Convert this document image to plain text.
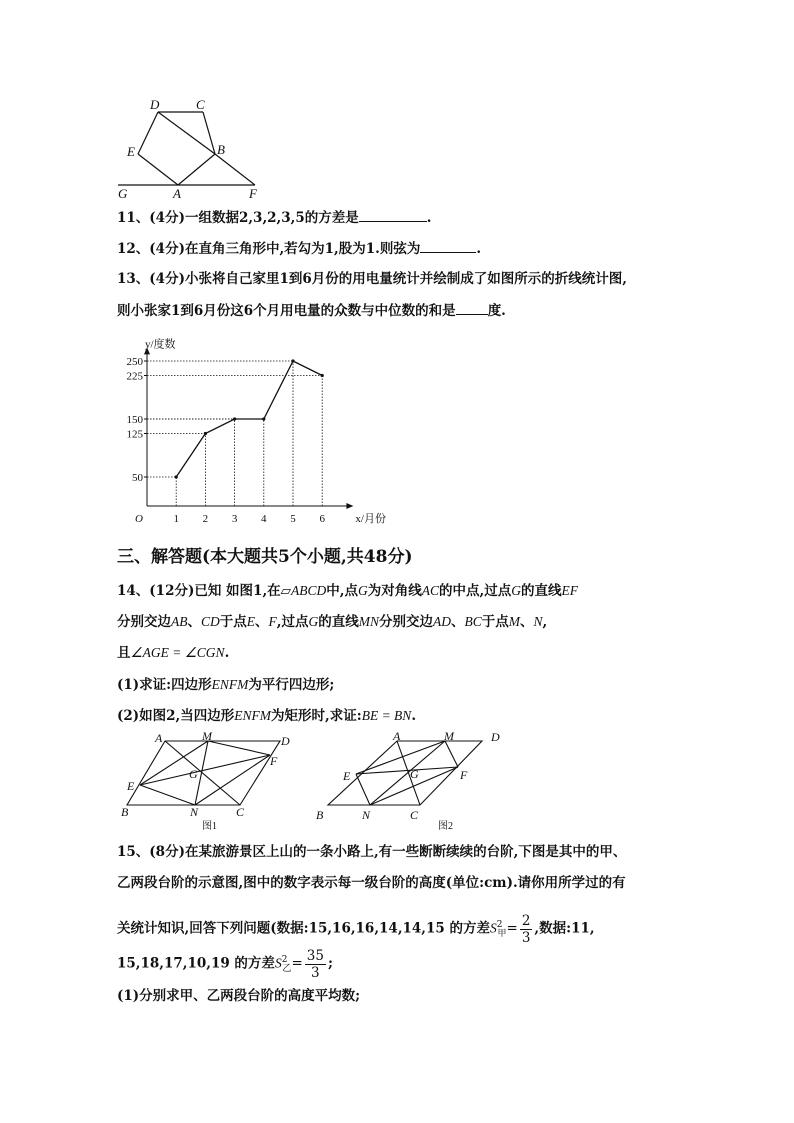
D	C
E	B
G	A	F
11、(4分)一组数据2,3,2,3,5的方差是	.
12、(4分)在直角三角形中,若勾为1,股为1.则弦为	.
13、(4分)小张将自己家里1到6月份的用电量统计并绘制成了如图所示的折线统计图,
则小张家1到6月份这6个月用电量的众数与中位数的和是 度.
y/度数
x/月份
O
50
125
150
225
250
1 2 3 4 5 6
三、解答题(本大题共5个小题,共48分)
14、(12分)已知 如图1,在▱ABCD中,点G为对角线AC的中点,过点G的直线EF
分别交边AB、CD于点E、F,过点G的直线MN分别交边AD、BC于点M、N,
且∠AGE = ∠CGN.
(1)求证:四边形ENFM为平行四边形;
(2)如图2,当四边形ENFM为矩形时,求证:BE = BN.
A	M	D
E
G
F
B	N	C
图1
A	M	D
E	G	F
B	N	C
图2
15、(8分)在某旅游景区上山的一条小路上,有一些断断续续的台阶,下图是其中的甲、
乙两段台阶的示意图,图中的数字表示每一级台阶的高度(单位:cm).请你用所学过的有
关统计知识,回答下列问题(数据:15,16,16,14,14,15 的方差$S^2_甲= \frac{2}{3}$ ,数据:11,
15,18,17,10,19 的方差$S^2_乙= \frac{35}{3}$ ;
(1)分别求甲、乙两段台阶的高度平均数;
